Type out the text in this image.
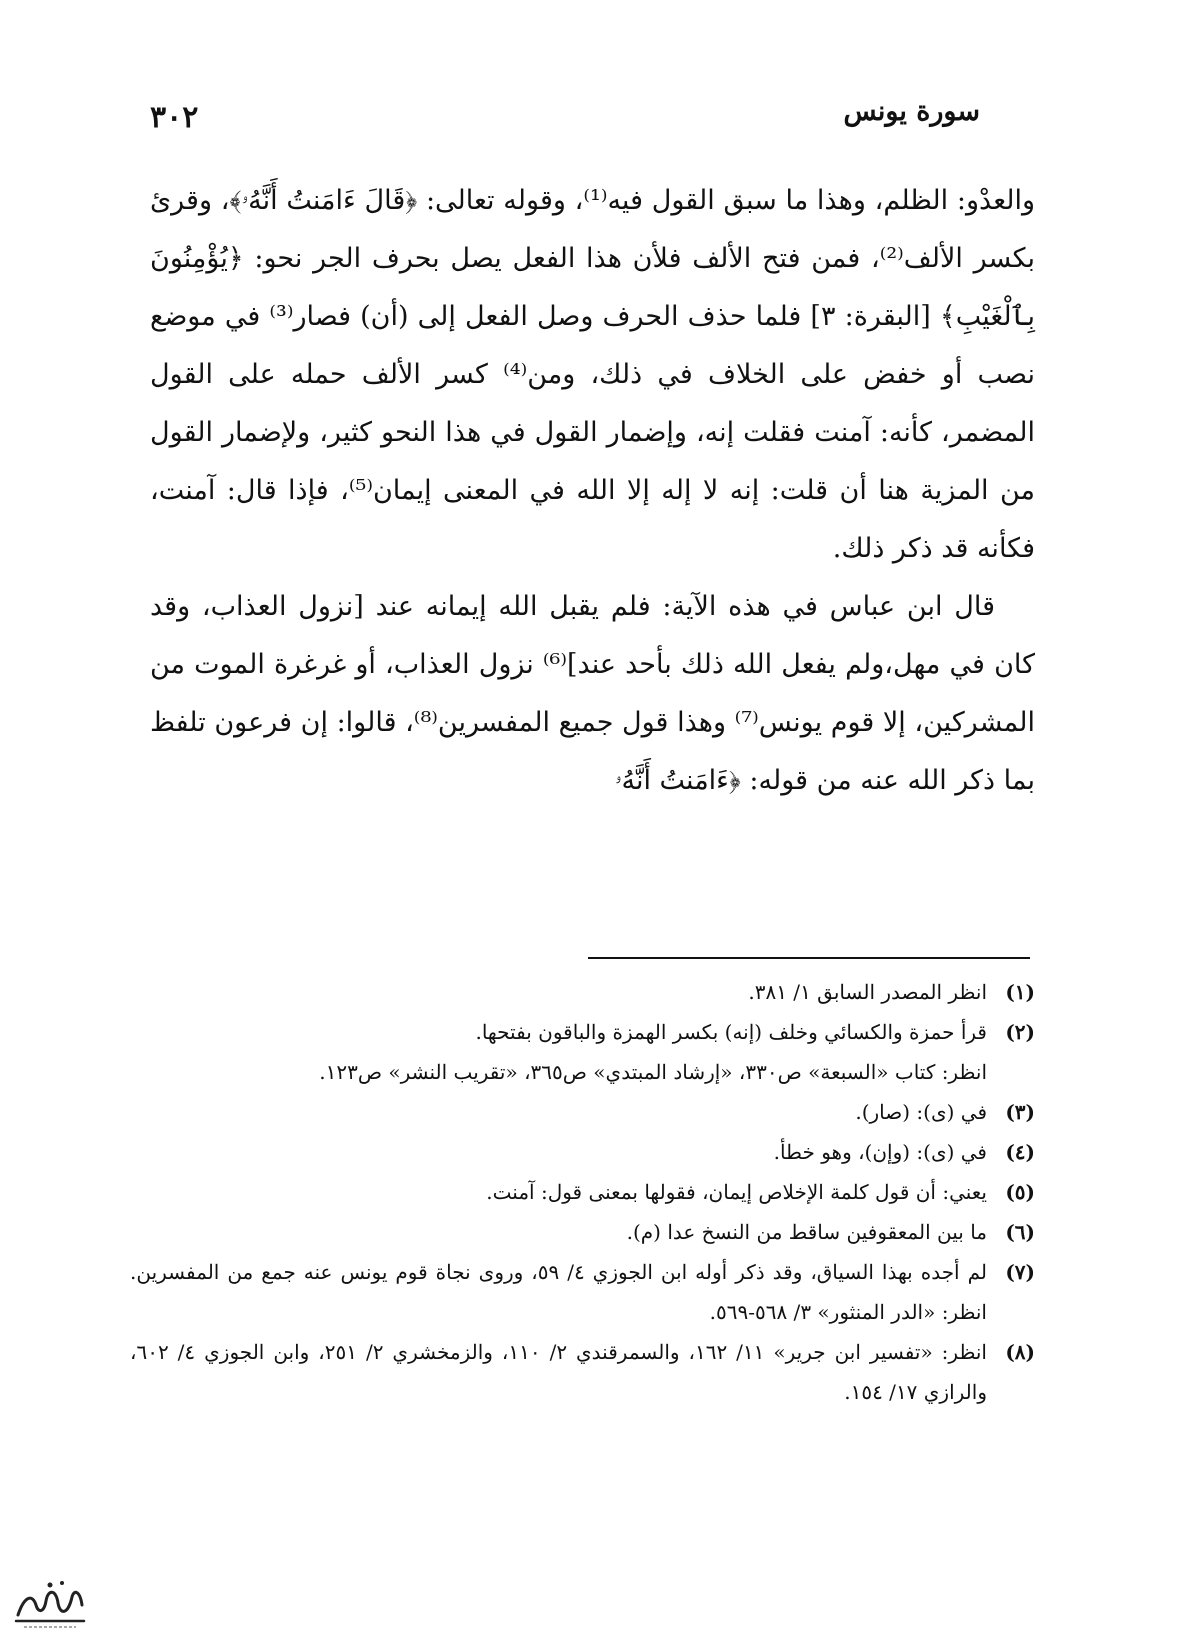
سورة يونس
٣٠٢

والعدْو: الظلم، وهذا ما سبق القول فيه⁽¹⁾، وقوله تعالى: ﴿قَالَ ءَامَنتُ أَنَّهُۥ﴾، وقرئ بكسر الألف⁽²⁾، فمن فتح الألف فلأن هذا الفعل يصل بحرف الجر نحو: ﴿يُؤْمِنُونَ بِٱلْغَيْبِ﴾ [البقرة: ٣] فلما حذف الحرف وصل الفعل إلى (أن) فصار⁽³⁾ في موضع نصب أو خفض على الخلاف في ذلك، ومن⁽⁴⁾ كسر الألف حمله على القول المضمر، كأنه: آمنت فقلت إنه، وإضمار القول في هذا النحو كثير، ولإضمار القول من المزية هنا أن قلت: إنه لا إله إلا الله في المعنى إيمان⁽⁵⁾، فإذا قال: آمنت، فكأنه قد ذكر ذلك.

قال ابن عباس في هذه الآية: فلم يقبل الله إيمانه عند [نزول العذاب، وقد كان في مهل،ولم يفعل الله ذلك بأحد عند]⁽⁶⁾ نزول العذاب، أو غرغرة الموت من المشركين، إلا قوم يونس⁽⁷⁾ وهذا قول جميع المفسرين⁽⁸⁾، قالوا: إن فرعون تلفظ بما ذكر الله عنه من قوله: ﴿ءَامَنتُ أَنَّهُۥ

(١)
انظر المصدر السابق ١/ ٣٨١.
(٢)
قرأ حمزة والكسائي وخلف (إنه) بكسر الهمزة والباقون بفتحها.
انظر: كتاب «السبعة» ص٣٣٠، «إرشاد المبتدي» ص٣٦٥، «تقريب النشر» ص١٢٣.
(٣)
في (ى): (صار).
(٤)
في (ى): (وإن)، وهو خطأ.
(٥)
يعني: أن قول كلمة الإخلاص إيمان، فقولها بمعنى قول: آمنت.
(٦)
ما بين المعقوفين ساقط من النسخ عدا (م).
(٧)
لم أجده بهذا السياق، وقد ذكر أوله ابن الجوزي ٤/ ٥٩، وروى نجاة قوم يونس عنه جمع من المفسرين. انظر: «الدر المنثور» ٣/ ٥٦٨-٥٦٩.
(٨)
انظر: «تفسير ابن جرير» ١١/ ١٦٢، والسمرقندي ٢/ ١١٠، والزمخشري ٢/ ٢٥١، وابن الجوزي ٤/ ٦٠٢، والرازي ١٧/ ١٥٤.
